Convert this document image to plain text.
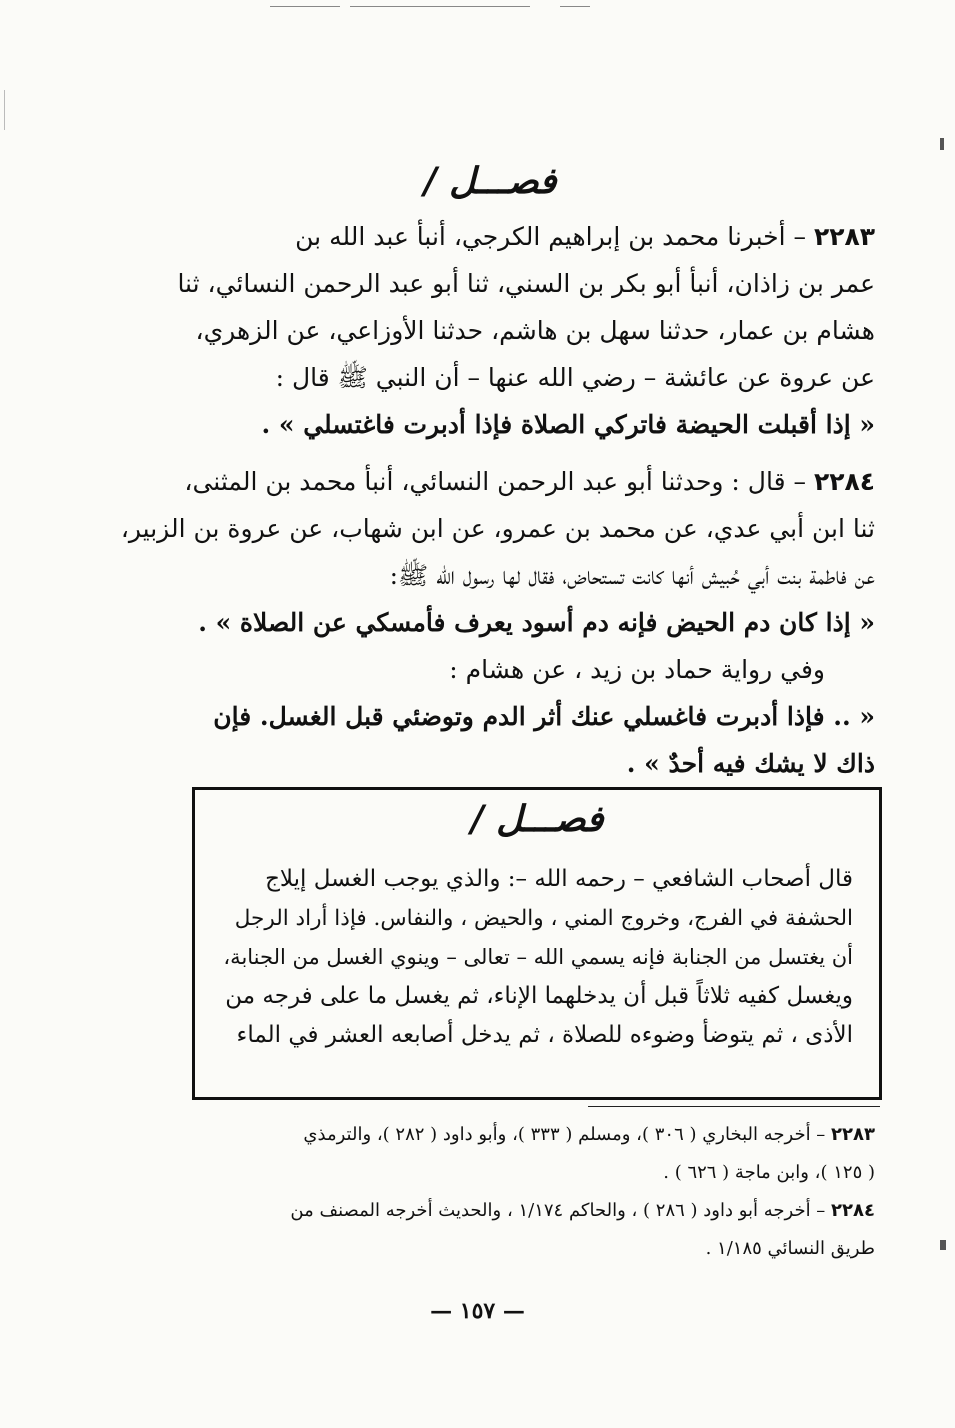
فصـــل /
٢٢٨٣ – أخبرنا محمد بن إبراهيم الكرجي، أنبأ عبد الله بن
عمر بن زاذان، أنبأ أبو بكر بن السني، ثنا أبو عبد الرحمن النسائي، ثنا
هشام بن عمار، حدثنا سهل بن هاشم، حدثنا الأوزاعي، عن الزهري،
عن عروة عن عائشة – رضي الله عنها – أن النبي ﷺ قال :
« إذا أقبلت الحيضة فاتركي الصلاة فإذا أدبرت فاغتسلي » .
٢٢٨٤ – قال : وحدثنا أبو عبد الرحمن النسائي، أنبأ محمد بن المثنى،
ثنا ابن أبي عدي، عن محمد بن عمرو، عن ابن شهاب، عن عروة بن الزبير،
عن فاطمة بنت أبي حُبيش أنها كانت تستحاض، فقال لها رسول الله ﷺ:
« إذا كان دم الحيض فإنه دم أسود يعرف فأمسكي عن الصلاة » .
وفي رواية حماد بن زيد ، عن هشام :
« .. فإذا أدبرت فاغسلي عنك أثر الدم وتوضئي قبل الغسل. فإن
ذاك لا يشك فيه أحدٌ » .
فصـــل /
قال أصحاب الشافعي – رحمه الله –: والذي يوجب الغسل إيلاج
الحشفة في الفرج، وخروج المني ، والحيض ، والنفاس. فإذا أراد الرجل
أن يغتسل من الجنابة فإنه يسمي الله – تعالى – وينوي الغسل من الجنابة،
ويغسل كفيه ثلاثاً قبل أن يدخلهما الإناء، ثم يغسل ما على فرجه من
الأذى ، ثم يتوضأ وضوءه للصلاة ، ثم يدخل أصابعه العشر في الماء
٢٢٨٣ – أخرجه البخاري ( ٣٠٦ )، ومسلم ( ٣٣٣ )، وأبو داود ( ٢٨٢ )، والترمذي
( ١٢٥ )، وابن ماجة ( ٦٢٦ ) .
٢٢٨٤ – أخرجه أبو داود ( ٢٨٦ ) ، والحاكم ١/١٧٤ ، والحديث أخرجه المصنف من
طريق النسائي ١/١٨٥ .
— ١٥٧ —
